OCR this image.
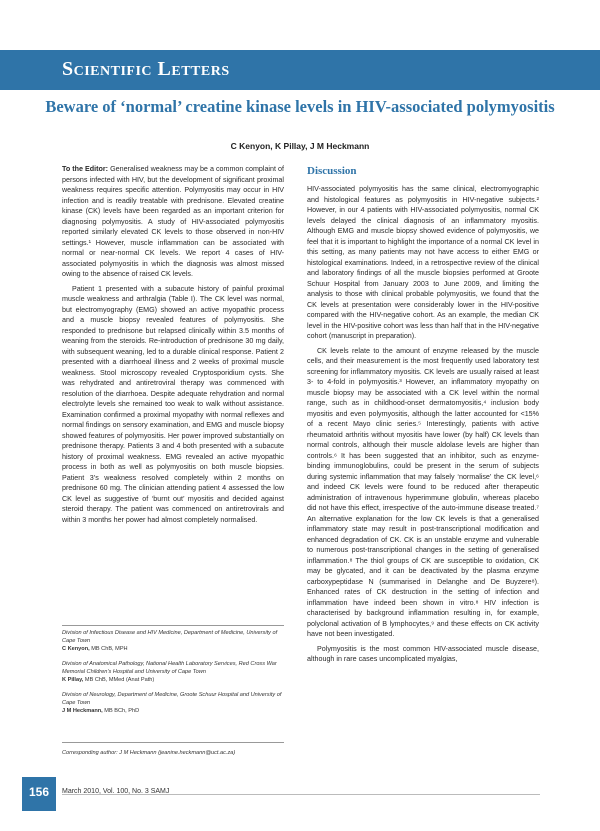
Scientific Letters
Beware of ‘normal’ creatine kinase levels in HIV-associated polymyositis
C Kenyon, K Pillay, J M Heckmann

To the Editor: Generalised weakness may be a common complaint of persons infected with HIV, but the development of significant proximal weakness requires specific attention. Polymyositis may occur in HIV infection and is readily treatable with prednisone. Elevated creatine kinase (CK) levels have been regarded as an important criterion for diagnosing polymyositis. A study of HIV-associated polymyositis reported similarly elevated CK levels to those observed in non-HIV settings.¹ However, muscle inflammation can be associated with normal or near-normal CK levels. We report 4 cases of HIV-associated polymyositis in which the diagnosis was almost missed owing to the absence of raised CK levels.

Patient 1 presented with a subacute history of painful proximal muscle weakness and arthralgia (Table I). The CK level was normal, but electromyography (EMG) showed an active myopathic process and a muscle biopsy revealed features of polymyositis. She responded to prednisone but relapsed clinically within 3.5 months of weaning from the steroids. Re-introduction of prednisone 30 mg daily, with subsequent weaning, led to a durable clinical response. Patient 2 presented with a diarrhoeal illness and 2 weeks of proximal muscle weakness. Stool microscopy revealed Cryptosporidium cysts. She was rehydrated and antiretroviral therapy was commenced with resolution of the diarrhoea. Despite adequate rehydration and normal electrolyte levels she remained too weak to walk without assistance. Examination confirmed a proximal myopathy with normal reflexes and normal findings on sensory examination, and EMG and muscle biopsy showed features of polymyositis. Her power improved substantially on prednisone therapy. Patients 3 and 4 both presented with a subacute history of proximal weakness. EMG revealed an active myopathic process in both as well as polymyositis on both muscle biopsies. Patient 3’s weakness resolved completely within 2 months on prednisone 60 mg. The clinician attending patient 4 assessed the low CK level as suggestive of ‘burnt out’ myositis and decided against steroid therapy. The patient was commenced on antiretrovirals and within 3 months her power had almost completely normalised.

Division of Infectious Disease and HIV Medicine, Department of Medicine, University of Cape Town
C Kenyon, MB ChB, MPH
Division of Anatomical Pathology, National Health Laboratory Services, Red Cross War Memorial Children’s Hospital and University of Cape Town
K Pillay, MB ChB, MMed (Anat Path)
Division of Neurology, Department of Medicine, Groote Schuur Hospital and University of Cape Town
J M Heckmann, MB BCh, PhD
Corresponding author: J M Heckmann (jeanine.heckmann@uct.ac.za)
Discussion

HIV-associated polymyositis has the same clinical, electromyographic and histological features as polymyositis in HIV-negative subjects.² However, in our 4 patients with HIV-associated polymyositis, normal CK levels delayed the clinical diagnosis of an inflammatory myositis. Although EMG and muscle biopsy showed evidence of polymyositis, we feel that it is important to highlight the importance of a normal CK level in this setting, as many patients may not have access to either EMG or histological examinations. Indeed, in a retrospective review of the clinical and laboratory findings of all the muscle biopsies performed at Groote Schuur Hospital from January 2003 to June 2009, and limiting the analysis to those with clinical probable polymyositis, we found that the CK levels at presentation were considerably lower in the HIV-positive compared with the HIV-negative cohort. As an example, the median CK level in the HIV-positive cohort was less than half that in the HIV-negative cohort (manuscript in preparation).

CK levels relate to the amount of enzyme released by the muscle cells, and their measurement is the most frequently used laboratory test screening for inflammatory myositis. CK levels are usually raised at least 3- to 4-fold in polymyositis.³ However, an inflammatory myopathy on muscle biopsy may be associated with a CK level within the normal range, such as in childhood-onset dermatomyositis,⁴ inclusion body myositis and even polymyositis, although the latter accounted for <15% of a recent Mayo clinic series.⁵ Interestingly, patients with active rheumatoid arthritis without myositis have lower (by half) CK levels than normal controls, although their muscle aldolase levels are higher than controls.⁶ It has been suggested that an inhibitor, such as enzyme-binding immunoglobulins, could be present in the serum of subjects during systemic inflammation that may falsely ‘normalise’ the CK level,⁶ and indeed CK levels were found to be reduced after therapeutic administration of intravenous hyperimmune globulin, whereas placebo did not have this effect, irrespective of the auto-immune disease treated.⁷ An alternative explanation for the low CK levels is that a generalised inflammatory state may result in post-transcriptional modification and enhanced degradation of CK. CK is an unstable enzyme and vulnerable to numerous post-transcriptional changes in the setting of generalised inflammation.⁸ The thiol groups of CK are susceptible to oxidation, CK may be glycated, and it can be deactivated by the plasma enzyme carboxypeptidase N (summarised in Delanghe and De Buyzere⁸). Enhanced rates of CK destruction in the setting of infection and inflammation have indeed been shown in vitro.⁸ HIV infection is characterised by background inflammation resulting in, for example, polyclonal activation of B lymphocytes,⁹ and these effects on CK activity have not been investigated.

Polymyositis is the most common HIV-associated muscle disease, although in rare cases uncomplicated myalgias,

156	March 2010, Vol. 100, No. 3 SAMJ
